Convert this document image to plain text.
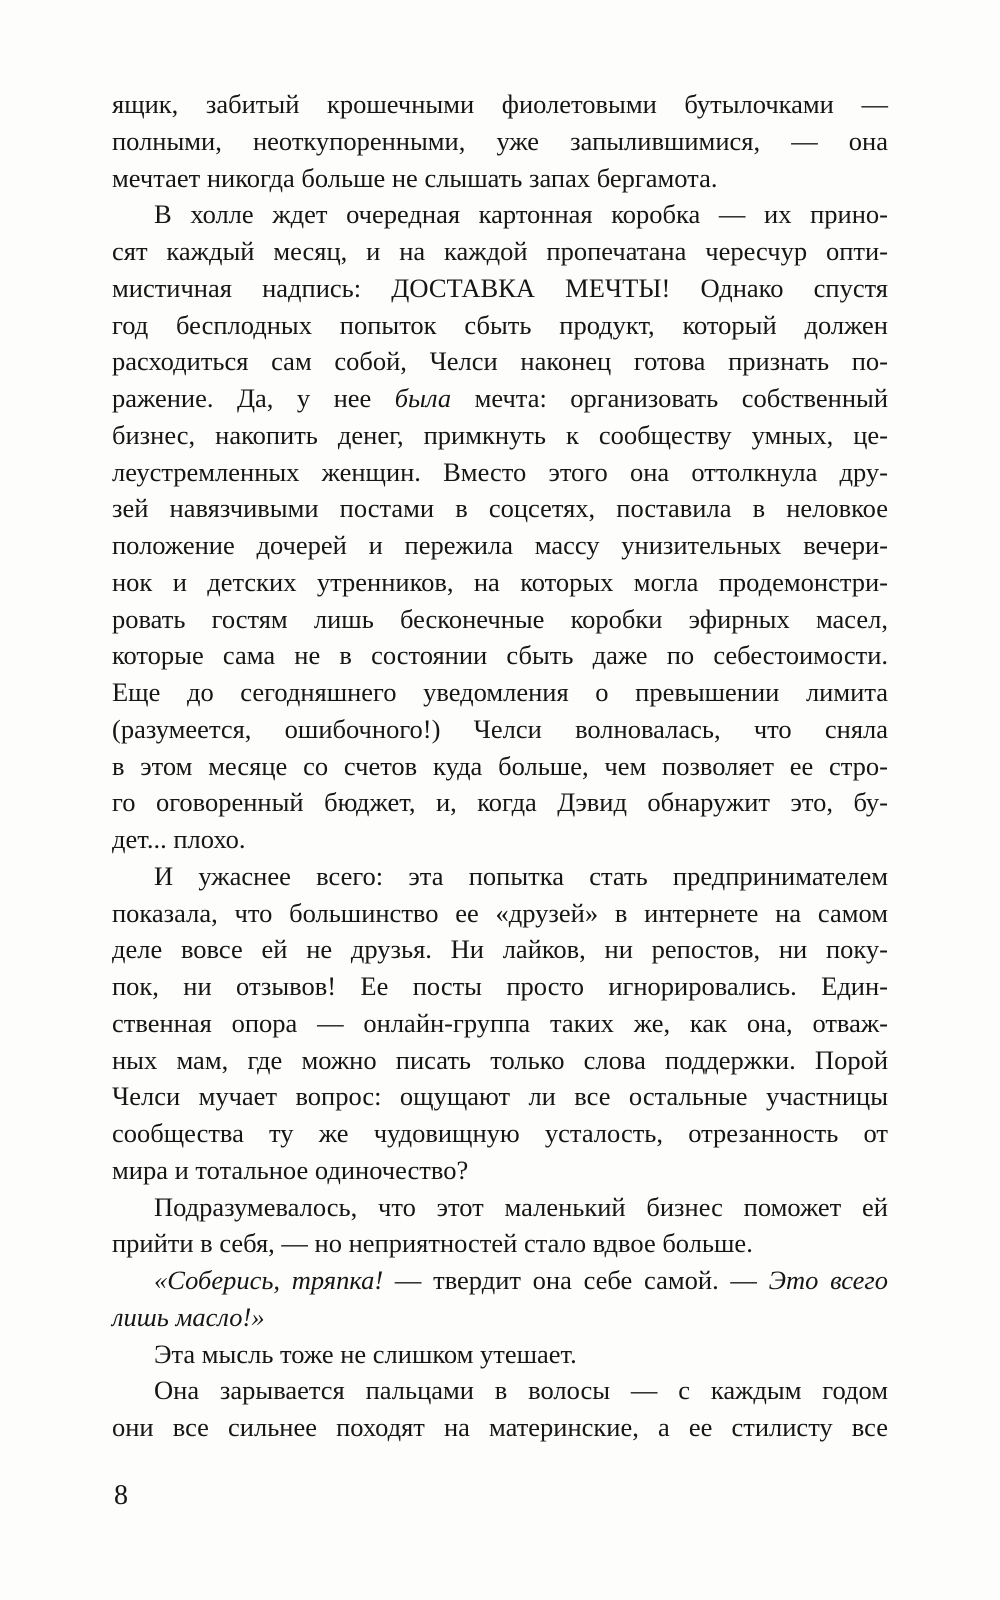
ящик, забитый крошечными фиолетовыми бутылочками —
полными, неоткупоренными, уже запылившимися, — она
мечтает никогда больше не слышать запах бергамота.
В холле ждет очередная картонная коробка — их прино-
сят каждый месяц, и на каждой пропечатана чересчур опти-
мистичная надпись: ДОСТАВКА МЕЧТЫ! Однако спустя
год бесплодных попыток сбыть продукт, который должен
расходиться сам собой, Челси наконец готова признать по-
ражение. Да, у нее была мечта: организовать собственный
бизнес, накопить денег, примкнуть к сообществу умных, це-
леустремленных женщин. Вместо этого она оттолкнула дру-
зей навязчивыми постами в соцсетях, поставила в неловкое
положение дочерей и пережила массу унизительных вечери-
нок и детских утренников, на которых могла продемонстри-
ровать гостям лишь бесконечные коробки эфирных масел,
которые сама не в состоянии сбыть даже по себестоимости.
Еще до сегодняшнего уведомления о превышении лимита
(разумеется, ошибочного!) Челси волновалась, что сняла
в этом месяце со счетов куда больше, чем позволяет ее стро-
го оговоренный бюджет, и, когда Дэвид обнаружит это, бу-
дет... плохо.
И ужаснее всего: эта попытка стать предпринимателем
показала, что большинство ее «друзей» в интернете на самом
деле вовсе ей не друзья. Ни лайков, ни репостов, ни поку-
пок, ни отзывов! Ее посты просто игнорировались. Един-
ственная опора — онлайн-группа таких же, как она, отваж-
ных мам, где можно писать только слова поддержки. Порой
Челси мучает вопрос: ощущают ли все остальные участницы
сообщества ту же чудовищную усталость, отрезанность от
мира и тотальное одиночество?
Подразумевалось, что этот маленький бизнес поможет ей
прийти в себя, — но неприятностей стало вдвое больше.
«Соберись, тряпка! — твердит она себе самой. — Это всего
лишь масло!»
Эта мысль тоже не слишком утешает.
Она зарывается пальцами в волосы — с каждым годом
они все сильнее походят на материнские, а ее стилисту все
8
